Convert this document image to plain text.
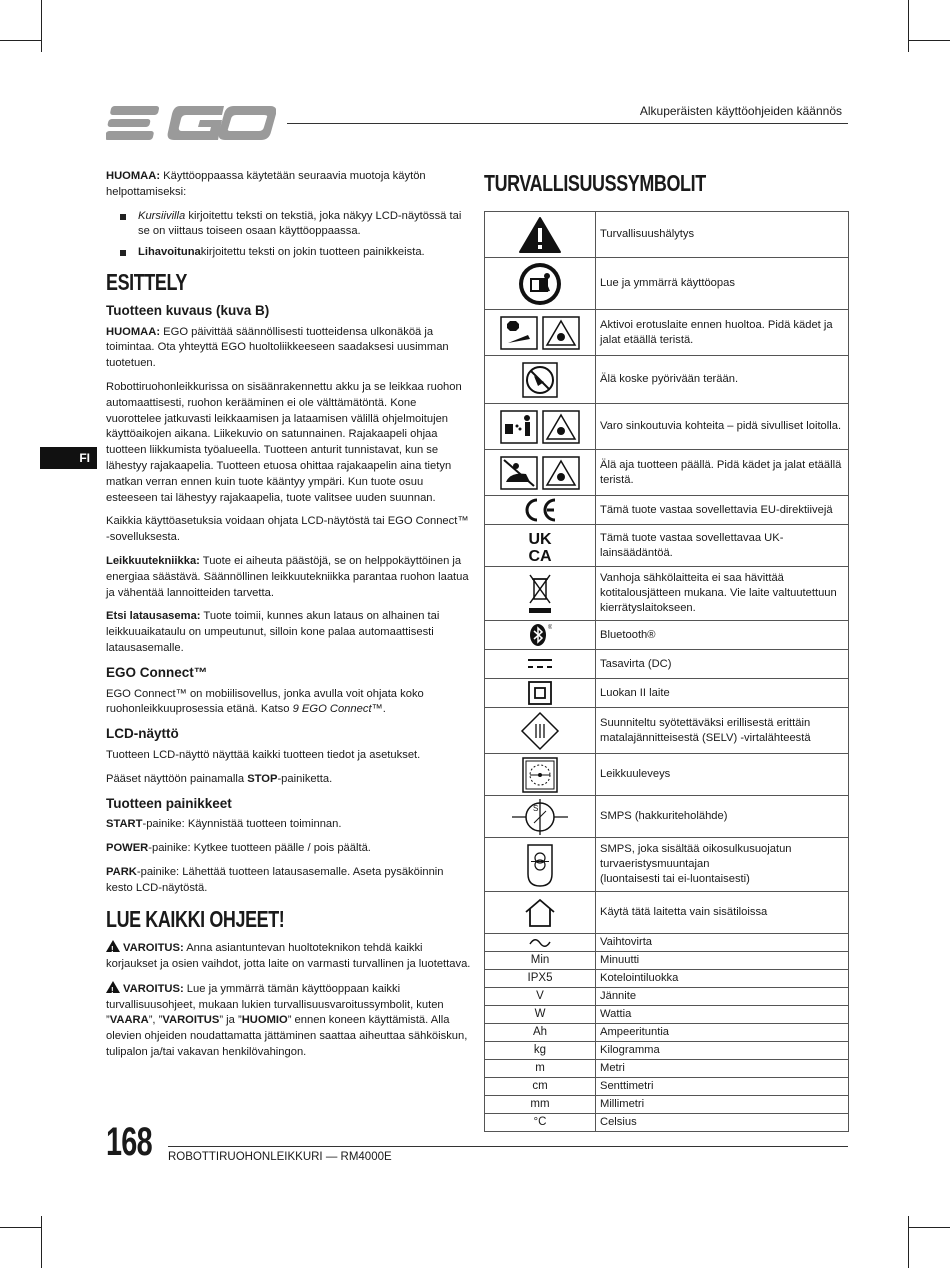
Alkuperäisten käyttöohjeiden käännös
FI

HUOMAA: Käyttöoppaassa käytetään seuraavia muotoja käytön helpottamiseksi:

Kursiivilla kirjoitettu teksti on tekstiä, joka näkyy LCD-näytössä tai se on viittaus toiseen osaan käyttöoppaassa.
Lihavoitunakirjoitettu teksti on jokin tuotteen painikkeista.
ESITTELY
Tuotteen kuvaus (kuva B)

HUOMAA: EGO päivittää säännöllisesti tuotteidensa ulkonäköä ja toimintaa. Ota yhteyttä EGO huoltoliikkeeseen saadaksesi uusimman tuotetuen.

Robottiruohonleikkurissa on sisäänrakennettu akku ja se leikkaa ruohon automaattisesti, ruohon kerääminen ei ole välttämätöntä. Kone vuorottelee jatkuvasti leikkaamisen ja lataamisen välillä ohjelmoitujen käyttöaikojen aikana. Liikekuvio on satunnainen. Rajakaapeli ohjaa tuotteen liikkumista työalueella. Tuotteen anturit tunnistavat, kun se lähestyy rajakaapelia. Tuotteen etuosa ohittaa rajakaapelin aina tietyn matkan verran ennen kuin tuote kääntyy ympäri. Kun tuote osuu esteeseen tai lähestyy rajakaapelia, tuote valitsee uuden suunnan.

Kaikkia käyttöasetuksia voidaan ohjata LCD-näytöstä tai EGO Connect™ -sovelluksesta.

Leikkuutekniikka: Tuote ei aiheuta päästöjä, se on helppokäyttöinen ja energiaa säästävä. Säännöllinen leikkuutekniikka parantaa ruohon laatua ja vähentää lannoitteiden tarvetta.

Etsi latausasema: Tuote toimii, kunnes akun lataus on alhainen tai leikkuuaikataulu on umpeutunut, silloin kone palaa automaattisesti latausasemalle.

EGO Connect™

EGO Connect™ on mobiilisovellus, jonka avulla voit ohjata koko ruohonleikkuuprosessia etänä. Katso 9 EGO Connect™.

LCD-näyttö

Tuotteen LCD-näyttö näyttää kaikki tuotteen tiedot ja asetukset.

Pääset näyttöön painamalla STOP-painiketta.

Tuotteen painikkeet

START-painike: Käynnistää tuotteen toiminnan.

POWER-painike: Kytkee tuotteen päälle / pois päältä.

PARK-painike: Lähettää tuotteen latausasemalle. Aseta pysäköinnin kesto LCD-näytöstä.

LUE KAIKKI OHJEET!

!VAROITUS: Anna asiantuntevan huoltoteknikon tehdä kaikki korjaukset ja osien vaihdot, jotta laite on varmasti turvallinen ja luotettava.

!VAROITUS: Lue ja ymmärrä tämän käyttöoppaan kaikki turvallisuusohjeet, mukaan lukien turvallisuusvaroitussymbolit, kuten ”VAARA”, ”VAROITUS” ja ”HUOMIO” ennen koneen käyttämistä. Alla olevien ohjeiden noudattamatta jättäminen saattaa aiheuttaa sähköiskun, tulipalon ja/tai vakavan henkilövahingon.

TURVALLISUUSSYMBOLIT
	Turvallisuushälytys

	Lue ja ymmärrä käyttöopas

	Aktivoi erotuslaite ennen huoltoa. Pidä kädet ja jalat etäällä teristä.

	Älä koske pyörivään terään.

	Varo sinkoutuvia kohteita – pidä sivulliset loitolla.

	Älä aja tuotteen päällä. Pidä kädet ja jalat etäällä teristä.

	Tämä tuote vastaa sovellettavia EU-direktiivejä

UK
CA	Tämä tuote vastaa sovellettavaa UK-lainsäädäntöä.

	Vanhoja sähkölaitteita ei saa hävittää kotitalousjätteen mukana. Vie laite valtuutettuun kierrätyslaitokseen.

®	Bluetooth®

	Tasavirta (DC)

	Luokan II laite

	Suunniteltu syötettäväksi erillisestä erittäin matalajännitteisestä (SELV) -virtalähteestä

	Leikkuuleveys

S	SMPS (hakkuriteholähde)

	SMPS, joka sisältää oikosulkusuojatun turvaeristysmuuntajan
(luontaisesti tai ei-luontaisesti)

	Käytä tätä laitetta vain sisätiloissa

	Vaihtovirta
Min	Minuutti
IPX5	Kotelointiluokka
V	Jännite
W	Wattia
Ah	Ampeerituntia
kg	Kilogramma
m	Metri
cm	Senttimetri
mm	Millimetri
°C	Celsius
168 ROBOTTIRUOHONLEIKKURI — RM4000E
